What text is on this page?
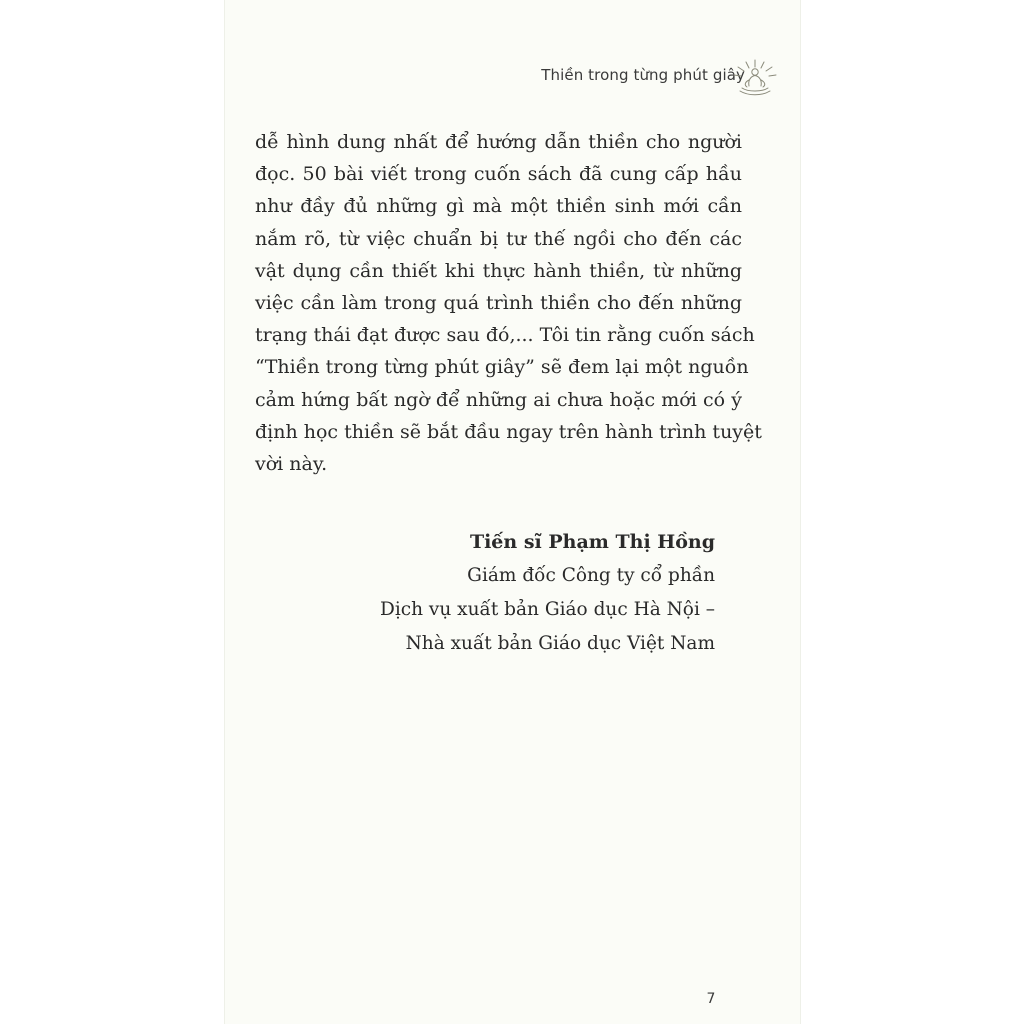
Thiền trong từng phút giây
dễ hình dung nhất để hướng dẫn thiền cho người
đọc. 50 bài viết trong cuốn sách đã cung cấp hầu
như đầy đủ những gì mà một thiền sinh mới cần
nắm rõ, từ việc chuẩn bị tư thế ngồi cho đến các
vật dụng cần thiết khi thực hành thiền, từ những
việc cần làm trong quá trình thiền cho đến những
trạng thái đạt được sau đó,... Tôi tin rằng cuốn sách
“Thiền trong từng phút giây” sẽ đem lại một nguồn
cảm hứng bất ngờ để những ai chưa hoặc mới có ý
định học thiền sẽ bắt đầu ngay trên hành trình tuyệt
vời này.
Tiến sĩ Phạm Thị Hồng
Giám đốc Công ty cổ phần
Dịch vụ xuất bản Giáo dục Hà Nội –
Nhà xuất bản Giáo dục Việt Nam
7
